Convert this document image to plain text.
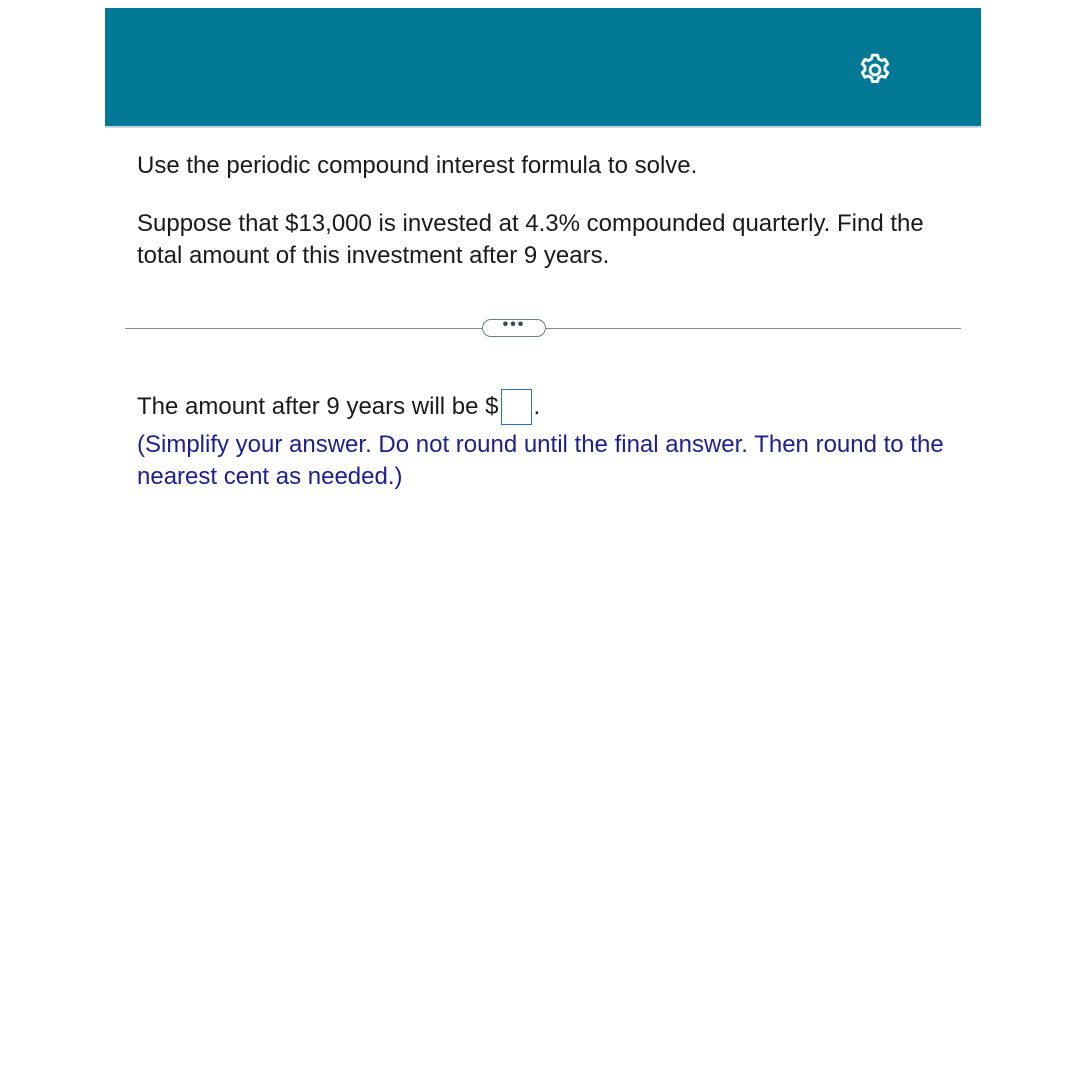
Use the periodic compound interest formula to solve.

Suppose that $13,000 is invested at 4.3% compounded quarterly. Find the total amount of this investment after 9 years.

•••
The amount after 9 years will be $ .
(Simplify your answer. Do not round until the final answer. Then round to the nearest cent as needed.)
